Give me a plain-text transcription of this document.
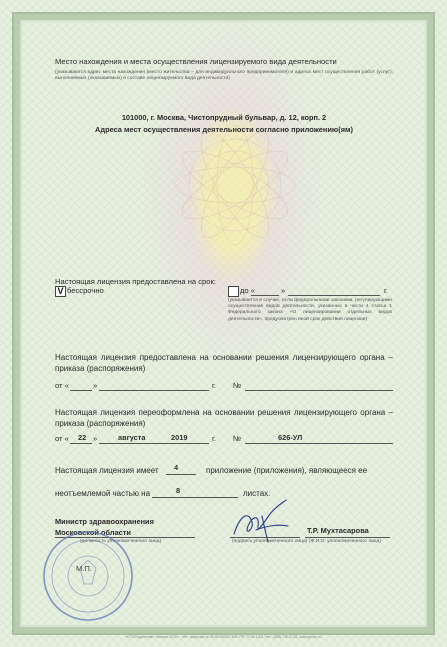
Место нахождения и места осуществления лицензируемого вида деятельности
(указываются адрес места нахождения (место жительства – для индивидуального предпринимателя) и адреса мест осуществления работ (услуг), выполняемых (оказываемых) в составе лицензируемого вида деятельности)
101000, г. Москва, Чистопрудный бульвар, д. 12, корп. 2
Адреса мест осуществления деятельности согласно приложению(ям)
Настоящая лицензия предоставлена на срок:
V бессрочно	до «	»	г.
(указывается в случае, если федеральными законами, регулирующими осуществление видов деятельности, указанных в части 4 статьи 1 Федерального закона «О лицензировании отдельных видов деятельности», предусмотрен иной срок действия лицензии)
Настоящая лицензия предоставлена на основании решения лицензирующего органа – приказа (распоряжения)
от «	»	г. №
Настоящая лицензия переоформлена на основании решения лицензирующего органа – приказа (распоряжения)
от « 22 »	августа	2019	г. №	626-УЛ
Настоящая лицензия имеет 4	приложение (приложения), являющееся ее
неотъемлемой частью на	8	листах.
Министр здравоохранения
Московской области
(должность уполномоченного лица)	(подпись уполномоченного лица)
Т.Р. Мухтасарова
(Ф.И.О. уполномоченного лица)
М.П.
«СТК-Подлинник», Москва, 2019 г., «В», лицензия № 05-05-09/003 ФНС РФ, ТЗ № 1118, Тел.: (495) 726-47-42, www.opcion.ru
